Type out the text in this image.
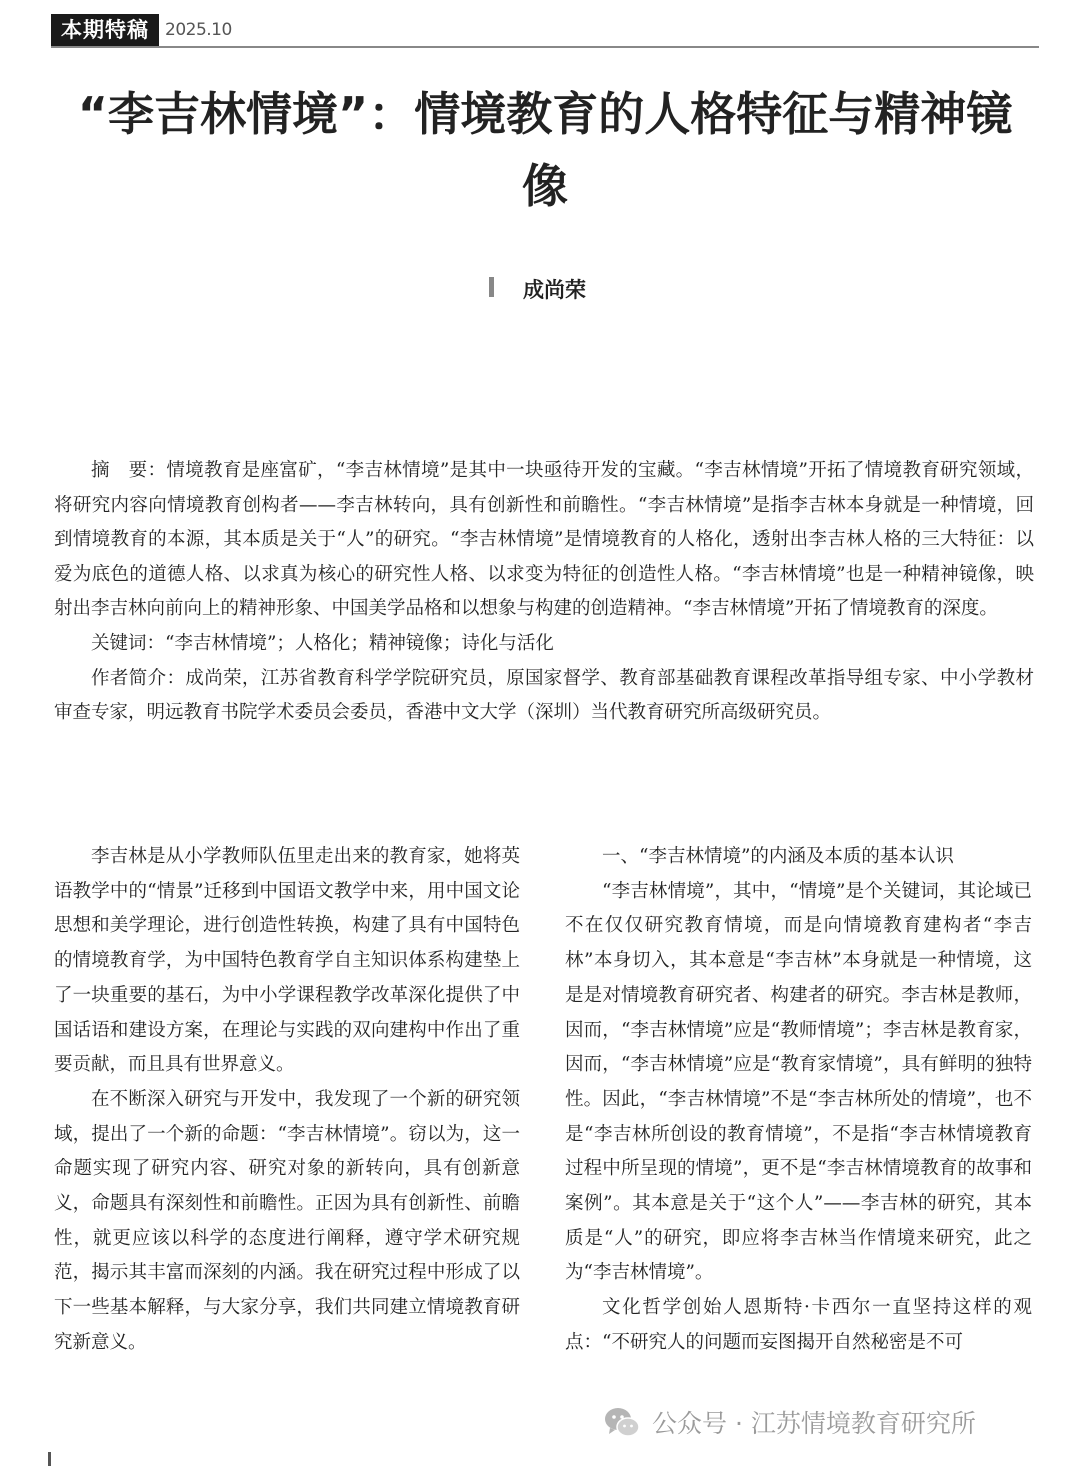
本期特稿 2025.10
“李吉林情境”：情境教育的人格特征与精神镜像
成尚荣

摘　要：情境教育是座富矿，“李吉林情境”是其中一块亟待开发的宝藏。“李吉林情境”开拓了情境教育研究领域，将研究内容向情境教育创构者——李吉林转向，具有创新性和前瞻性。“李吉林情境”是指李吉林本身就是一种情境，回到情境教育的本源，其本质是关于“人”的研究。“李吉林情境”是情境教育的人格化，透射出李吉林人格的三大特征：以爱为底色的道德人格、以求真为核心的研究性人格、以求变为特征的创造性人格。“李吉林情境”也是一种精神镜像，映射出李吉林向前向上的精神形象、中国美学品格和以想象与构建的创造精神。“李吉林情境”开拓了情境教育的深度。

关键词：“李吉林情境”；人格化；精神镜像；诗化与活化

作者简介：成尚荣，江苏省教育科学学院研究员，原国家督学、教育部基础教育课程改革指导组专家、中小学教材审查专家，明远教育书院学术委员会委员，香港中文大学（深圳）当代教育研究所高级研究员。

李吉林是从小学教师队伍里走出来的教育家，她将英语教学中的“情景”迁移到中国语文教学中来，用中国文论思想和美学理论，进行创造性转换，构建了具有中国特色的情境教育学，为中国特色教育学自主知识体系构建垫上了一块重要的基石，为中小学课程教学改革深化提供了中国话语和建设方案，在理论与实践的双向建构中作出了重要贡献，而且具有世界意义。

在不断深入研究与开发中，我发现了一个新的研究领域，提出了一个新的命题：“李吉林情境”。窃以为，这一命题实现了研究内容、研究对象的新转向，具有创新意义，命题具有深刻性和前瞻性。正因为具有创新性、前瞻性，就更应该以科学的态度进行阐释，遵守学术研究规范，揭示其丰富而深刻的内涵。我在研究过程中形成了以下一些基本解释，与大家分享，我们共同建立情境教育研究新意义。

一、“李吉林情境”的内涵及本质的基本认识

“李吉林情境”，其中，“情境”是个关键词，其论域已不在仅仅研究教育情境，而是向情境教育建构者“李吉林”本身切入，其本意是“李吉林”本身就是一种情境，这是是对情境教育研究者、构建者的研究。李吉林是教师，因而，“李吉林情境”应是“教师情境”；李吉林是教育家，因而，“李吉林情境”应是“教育家情境”，具有鲜明的独特性。因此，“李吉林情境”不是“李吉林所处的情境”，也不是“李吉林所创设的教育情境”，不是指“李吉林情境教育过程中所呈现的情境”，更不是“李吉林情境教育的故事和案例”。其本意是关于“这个人”——李吉林的研究，其本质是“人”的研究，即应将李吉林当作情境来研究，此之为“李吉林情境”。

文化哲学创始人恩斯特·卡西尔一直坚持这样的观点：“不研究人的问题而妄图揭开自然秘密是不可

公众号 · 江苏情境教育研究所
